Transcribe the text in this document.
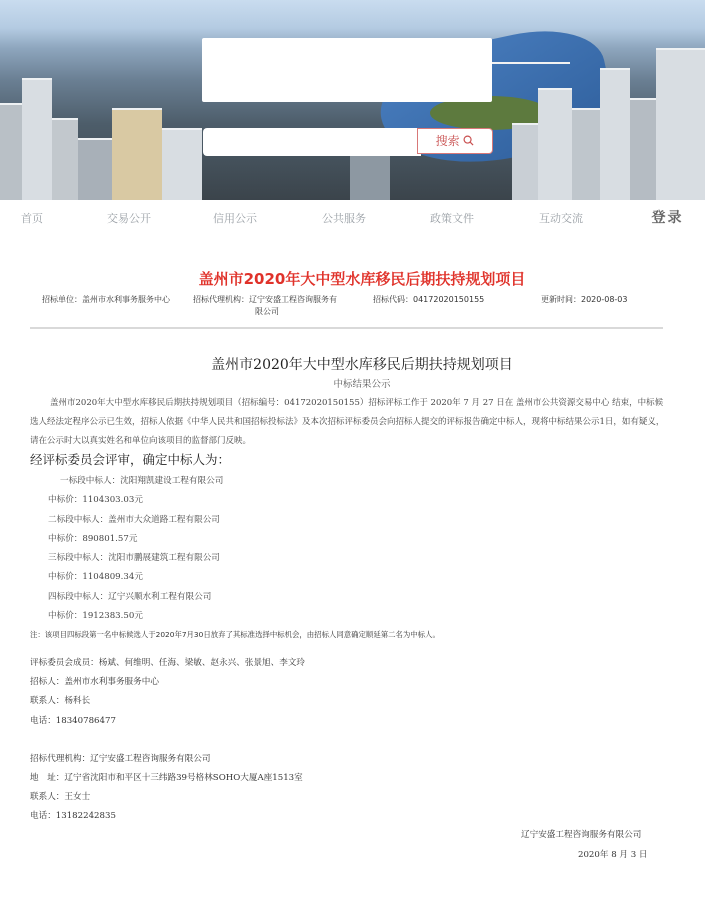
搜索
首页	交易公开	信用公示	公共服务	政策文件	互动交流	登录
盖州市2020年大中型水库移民后期扶持规划项目
招标单位：盖州市水利事务服务中心	招标代理机构：辽宁安盛工程咨询服务有
限公司
招标代码：04172020150155	更新时间：2020-08-03
盖州市2020年大中型水库移民后期扶持规划项目
中标结果公示
盖州市2020年大中型水库移民后期扶持规划项目（招标编号：04172020150155）招标评标工作于 2020年 7 月 27 日在 盖州市公共资源交易中心 结束，中标候选人经法定程序公示已生效，招标人依据《中华人民共和国招标投标法》及本次招标评标委员会向招标人提交的评标报告确定中标人，现将中标结果公示1日，如有疑义，请在公示时大以真实姓名和单位向该项目的监督部门反映。
经评标委员会评审，确定中标人为：
一标段中标人：沈阳翔凯建设工程有限公司
中标价：1104303.03元
二标段中标人：盖州市大众道路工程有限公司
中标价：890801.57元
三标段中标人：沈阳市鹏展建筑工程有限公司
中标价：1104809.34元
四标段中标人：辽宁兴顺水利工程有限公司
中标价：1912383.50元
注：该项目四标段第一名中标候选人于2020年7月30日放弃了其标准选择中标机会，由招标人同意确定顺延第二名为中标人。
评标委员会成员：杨斌、何维明、任海、梁敏、赵永兴、张景旭、李文玲
招标人：盖州市水利事务服务中心
联系人：杨科长
电话：18340786477
招标代理机构：辽宁安盛工程咨询服务有限公司
地　址：辽宁省沈阳市和平区十三纬路39号格林SOHO大厦A座1513室
联系人：王女士
电话：13182242835
辽宁安盛工程咨询服务有限公司
2020年 8 月 3 日
